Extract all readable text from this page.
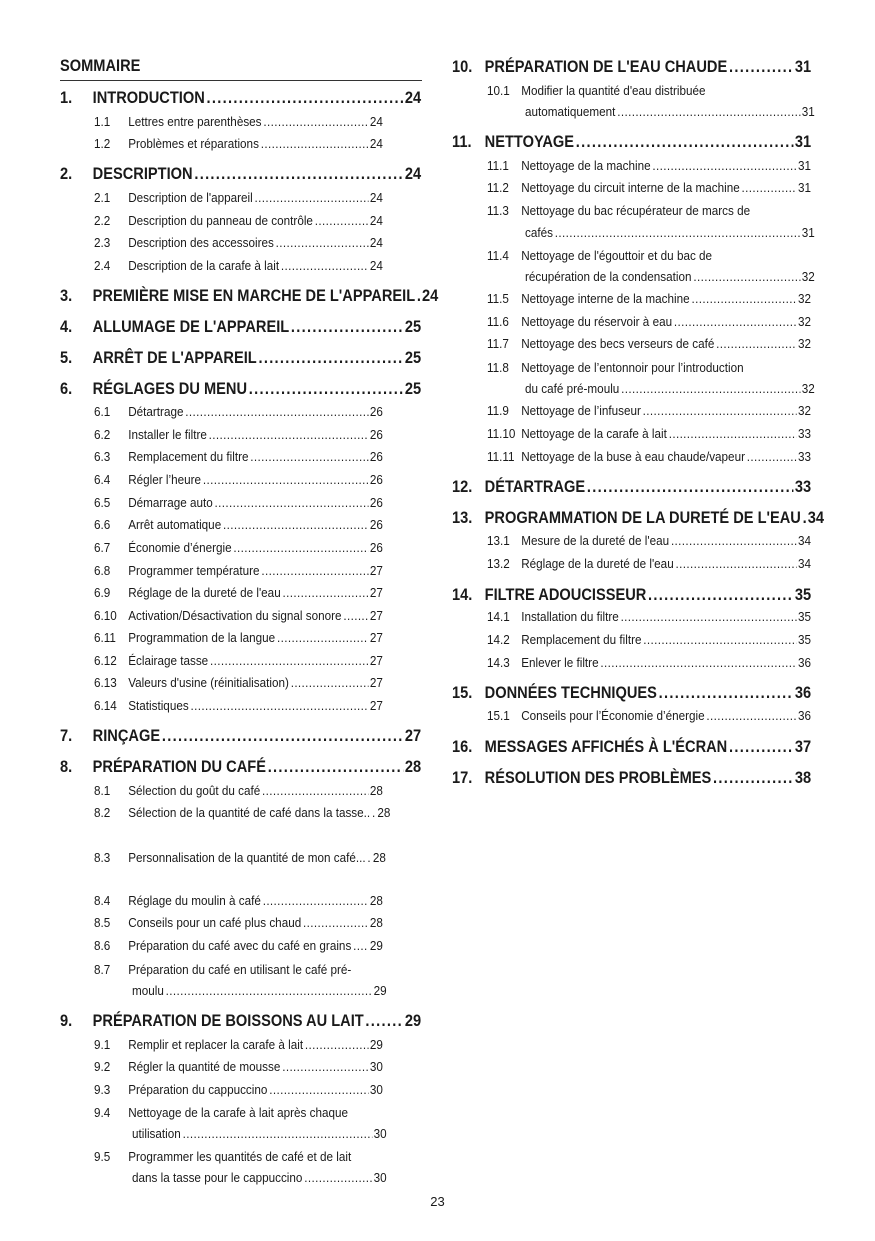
SOMMAIRE
1.	INTRODUCTION . . .	24
1.1	Lettres entre parenthèses . . .	24
1.2	Problèmes et réparations . . .	24
2.	DESCRIPTION . . .	24
2.1	Description de l'appareil . . .	24
2.2	Description du panneau de contrôle . . .	24
2.3	Description des accessoires . . .	24
2.4	Description de la carafe à lait . . .	24
3.	PREMIÈRE MISE EN MARCHE DE L'APPAREIL . . . 24
4.	ALLUMAGE DE L'APPAREIL . . .	25
5.	ARRÊT DE L'APPAREIL . . .	25
6.	RÉGLAGES DU MENU . . .	25
6.1	Détartrage . . .	26
6.2	Installer le filtre . . .	26
6.3	Remplacement du filtre . . .	26
6.4	Régler l’heure . . .	26
6.5	Démarrage auto . . .	26
6.6	Arrêt automatique . . .	26
6.7	Économie d’énergie . . .	26
6.8	Programmer température . . .	27
6.9	Réglage de la dureté de l'eau . . .	27
6.10 Activation/Désactivation du signal sonore . . . 27
6.11 Programmation de la langue . . .	27
6.12 Éclairage tasse . . .	27
6.13 Valeurs d'usine (réinitialisation) . . .	27
6.14 Statistiques . . .	27
7.	RINÇAGE . . .	27
8.	PRÉPARATION DU CAFÉ . . .	28
8.1	Sélection du goût du café . . .	28
8.2	Sélection de la quantité de café dans la tasse.. . . . 28
8.3	Personnalisation de la quantité de mon café... . . . 28
8.4	Réglage du moulin à café . . .	28
8.5	Conseils pour un café plus chaud . . .	28
8.6	Préparation du café avec du café en grains . . . 29
8.7	Préparation du café en utilisant le café pré-
moulu . . .	29
9.	PRÉPARATION DE BOISSONS AU LAIT . . . 29
9.1	Remplir et replacer la carafe à lait . . .	29
9.2	Régler la quantité de mousse . . .	30
9.3	Préparation du cappuccino . . .	30
9.4	Nettoyage de la carafe à lait après chaque
utilisation . . .	30
9.5	Programmer les quantités de café et de lait
dans la tasse pour le cappuccino . . .	30
10. PRÉPARATION DE L'EAU CHAUDE . . .	31
10.1 Modifier la quantité d'eau distribuée
automatiquement . . .	31
11. NETTOYAGE . . .	31
11.1 Nettoyage de la machine . . .	31
11.2 Nettoyage du circuit interne de la machine . . .	31
11.3 Nettoyage du bac récupérateur de marcs de
cafés . . .	31
11.4 Nettoyage de l'égouttoir et du bac de
récupération de la condensation . . .	32
11.5 Nettoyage interne de la machine . . .	32
11.6 Nettoyage du réservoir à eau . . .	32
11.7 Nettoyage des becs verseurs de café . . .	32
11.8 Nettoyage de l’entonnoir pour l’introduction
du café pré-moulu . . .	32
11.9 Nettoyage de l’infuseur . . .	32
11.10 Nettoyage de la carafe à lait . . .	33
11.11 Nettoyage de la buse à eau chaude/vapeur . . .	33
12. DÉTARTRAGE . . .	33
13. PROGRAMMATION DE LA DURETÉ DE L'EAU . . . 34
13.1 Mesure de la dureté de l'eau . . .	34
13.2 Réglage de la dureté de l'eau . . .	34
14. FILTRE ADOUCISSEUR . . .	35
14.1 Installation du filtre . . .	35
14.2 Remplacement du filtre . . .	35
14.3 Enlever le filtre . . .	36
15. DONNÉES TECHNIQUES . . .	36
15.1 Conseils pour l’Économie d’énergie . . .	36
16. MESSAGES AFFICHÉS À L'ÉCRAN . . .	37
17. RÉSOLUTION DES PROBLÈMES . . .	38
23
